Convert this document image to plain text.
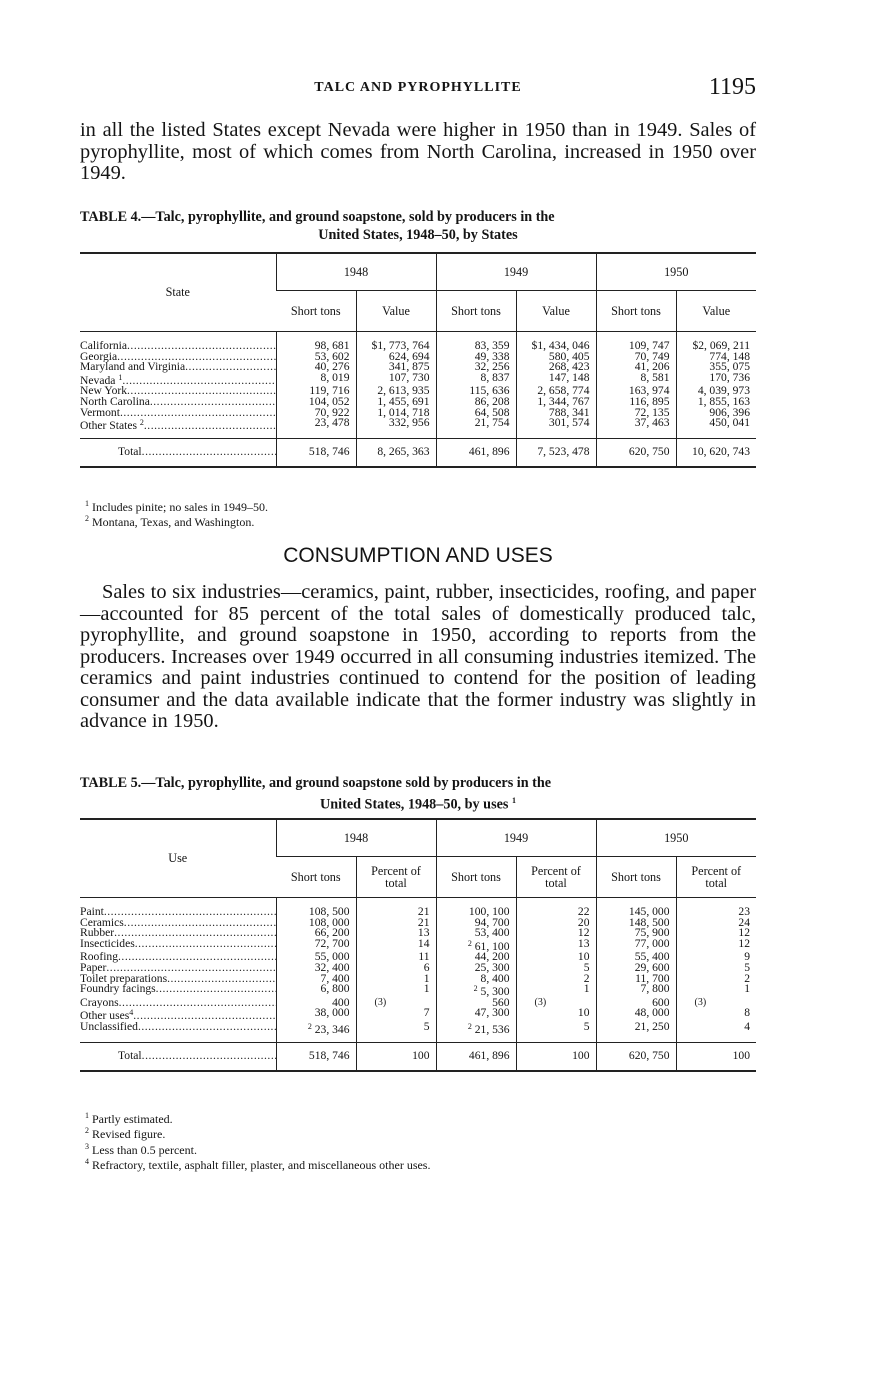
TALC AND PYROPHYLLITE	1195

in all the listed States except Nevada were higher in 1950 than in 1949. Sales of pyrophyllite, most of which comes from North Carolina, increased in 1950 over 1949.

TABLE 4.—Talc, pyrophyllite, and ground soapstone, sold by producers in the
United States, 1948–50, by States

State	1948		1949		1950	
	Short tons	Value	Short tons	Value	Short tons	Value
California .....	98, 681	$1, 773, 764	83, 359	$1, 434, 046	109, 747	$2, 069, 211
Georgia .....	53, 602	624, 694	49, 338	580, 405	70, 749	774, 148
Maryland and Virginia .....	40, 276	341, 875	32, 256	268, 423	41, 206	355, 075
Nevada $^1$ .....	8, 019	107, 730	8, 837	147, 148	8, 581	170, 736
New York .....	119, 716	2, 613, 935	115, 636	2, 658, 774	163, 974	4, 039, 973
North Carolina .....	104, 052	1, 455, 691	86, 208	1, 344, 767	116, 895	1, 855, 163
Vermont .....	70, 922	1, 014, 718	64, 508	788, 341	72, 135	906, 396
Other States $^2$ .....	23, 478	332, 956	21, 754	301, 574	37, 463	450, 041
Total .....	518, 746	8, 265, 363	461, 896	7, 523, 478	620, 750	10, 620, 743
$^1$ Includes pinite; no sales in 1949–50.
$^2$ Montana, Texas, and Washington.
CONSUMPTION AND USES

Sales to six industries—ceramics, paint, rubber, insecticides, roofing, and paper—accounted for 85 percent of the total sales of domestically produced talc, pyrophyllite, and ground soapstone in 1950, according to reports from the producers. Increases over 1949 occurred in all consuming industries itemized. The ceramics and paint industries continued to contend for the position of leading consumer and the data available indicate that the former industry was slightly in advance in 1950.

TABLE 5.—Talc, pyrophyllite, and ground soapstone sold by producers in the
United States, 1948–50, by uses $^1$

Use	1948		1949		1950	
	Short tons	Percent of total	Short tons	Percent of total	Short tons	Percent of total
Paint .....	108, 500	21	100, 100	22	145, 000	23
Ceramics .....	108, 000	21	94, 700	20	148, 500	24
Rubber .....	66, 200	13	53, 400	12	75, 900	12
Insecticides .....	72, 700	14	$^2$ 61, 100	13	77, 000	12
Roofing .....	55, 000	11	44, 200	10	55, 400	9
Paper .....	32, 400	6	25, 300	5	29, 600	5
Toilet preparations .....	7, 400	1	8, 400	2	11, 700	2
Foundry facings .....	6, 800	1	$^2$ 5, 300	1	7, 800	1
Crayons .....	400	(3)	560	(3)	600	(3)

Other uses$^4$ .....	38, 000	7	47, 300	10	48, 000	8
Unclassified .....	$^2$ 23, 346	5	$^2$ 21, 536	5	21, 250	4
Total .....	518, 746	100	461, 896	100	620, 750	100
$^1$ Partly estimated.
$^2$ Revised figure.
$^3$ Less than 0.5 percent.
$^4$ Refractory, textile, asphalt filler, plaster, and miscellaneous other uses.
